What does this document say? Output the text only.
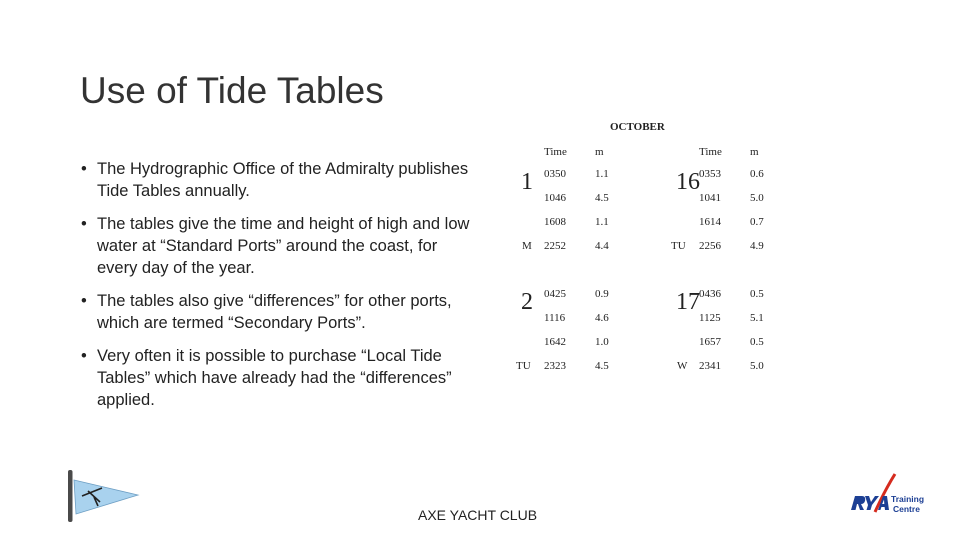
Use of Tide Tables
• The Hydrographic Office of the Admiralty publishes Tide Tables annually.
• The tables give the time and height of high and low water at “Standard Ports” around the coast, for every day of the year.
• The tables also give “differences” for other ports, which are termed “Secondary Ports”.
• Very often it is possible to purchase “Local Tide Tables” which have already had the “differences” applied.
OCTOBER
Time	m	Time	m
1
M
0350	1.1
1046	4.5
1608	1.1
2252	4.4
16
TU
0353	0.6
1041	5.0
1614	0.7
2256	4.9
2
TU
0425	0.9
1116	4.6
1642	1.0
2323	4.5
17
W
0436	0.5
1125	5.1
1657	0.5
2341	5.0
Training
Centre
AXE YACHT CLUB
